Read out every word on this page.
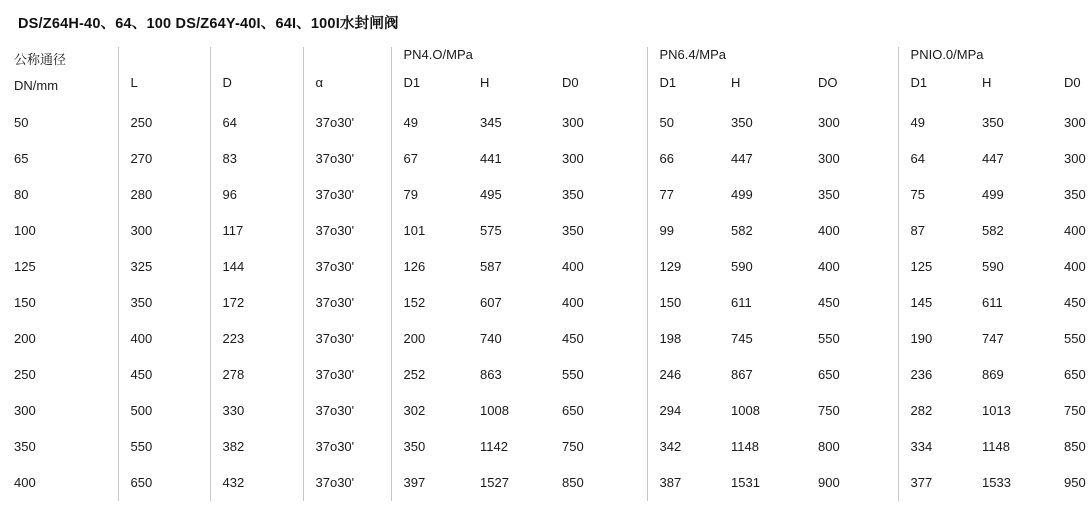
DS/Z64H-40、64、100 DS/Z64Y-40I、64I、100I水封闸阀
公称通径
DN/mm				PN4.O/MPa			PN6.4/MPa			PNIO.0/MPa		
	L	D	α	D1	H	D0	D1	H	DO	D1	H	D0
50	250	64	37o30'	49	345	300	50	350	300	49	350	300
65	270	83	37o30'	67	441	300	66	447	300	64	447	300
80	280	96	37o30'	79	495	350	77	499	350	75	499	350
100	300	117	37o30'	101	575	350	99	582	400	87	582	400
125	325	144	37o30'	126	587	400	129	590	400	125	590	400
150	350	172	37o30'	152	607	400	150	611	450	145	611	450
200	400	223	37o30'	200	740	450	198	745	550	190	747	550
250	450	278	37o30'	252	863	550	246	867	650	236	869	650
300	500	330	37o30'	302	1008	650	294	1008	750	282	1013	750
350	550	382	37o30'	350	1142	750	342	1148	800	334	1148	850
400	650	432	37o30'	397	1527	850	387	1531	900	377	1533	950
